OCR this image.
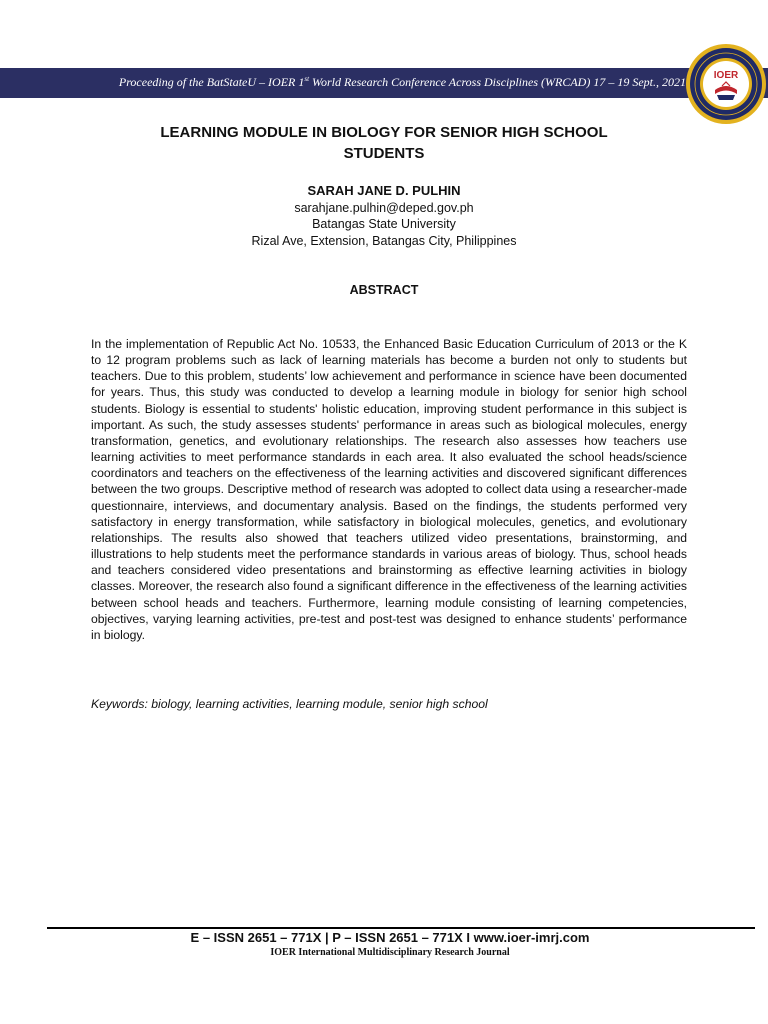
Proceeding of the BatStateU – IOER 1st World Research Conference Across Disciplines (WRCAD) 17 – 19 Sept., 2021	IOER
LEARNING MODULE IN BIOLOGY FOR SENIOR HIGH SCHOOL
STUDENTS
SARAH JANE D. PULHIN
sarahjane.pulhin@deped.gov.ph
Batangas State University
Rizal Ave, Extension, Batangas City, Philippines
ABSTRACT
In the implementation of Republic Act No. 10533, the Enhanced Basic Education Curriculum of 2013 or the K to 12 program problems such as lack of learning materials has become a burden not only to students but teachers. Due to this problem, students’ low achievement and performance in science have been documented for years. Thus, this study was conducted to develop a learning module in biology for senior high school students. Biology is essential to students' holistic education, improving student performance in this subject is important. As such, the study assesses students' performance in areas such as biological molecules, energy transformation, genetics, and evolutionary relationships. The research also assesses how teachers use learning activities to meet performance standards in each area. It also evaluated the school heads/science coordinators and teachers on the effectiveness of the learning activities and discovered significant differences between the two groups. Descriptive method of research was adopted to collect data using a researcher-made questionnaire, interviews, and documentary analysis. Based on the findings, the students performed very satisfactory in energy transformation, while satisfactory in biological molecules, genetics, and evolutionary relationships. The results also showed that teachers utilized video presentations, brainstorming, and illustrations to help students meet the performance standards in various areas of biology. Thus, school heads and teachers considered video presentations and brainstorming as effective learning activities in biology classes. Moreover, the research also found a significant difference in the effectiveness of the learning activities between school heads and teachers. Furthermore, learning module consisting of learning competencies, objectives, varying learning activities, pre-test and post-test was designed to enhance students’ performance in biology.
Keywords: biology, learning activities, learning module, senior high school
E – ISSN 2651 – 771X | P – ISSN 2651 – 771X I www.ioer-imrj.com
IOER International Multidisciplinary Research Journal
